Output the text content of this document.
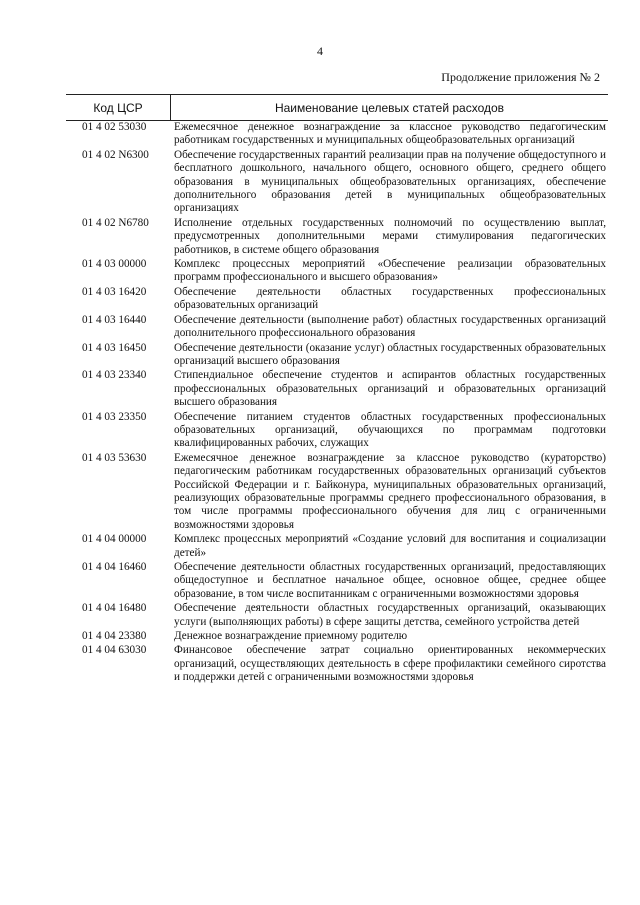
4
Продолжение приложения № 2
Код ЦСР	Наименование целевых статей расходов
01 4 02 53030	Ежемесячное денежное вознаграждение за классное руководство педагогическим работникам государственных и муниципальных общеобразовательных организаций
01 4 02 N6300	Обеспечение государственных гарантий реализации прав на получение общедоступного и бесплатного дошкольного, начального общего, основного общего, среднего общего образования в муниципальных общеобразовательных организациях, обеспечение дополнительного образования детей в муниципальных общеобразовательных организациях
01 4 02 N6780	Исполнение отдельных государственных полномочий по осуществлению выплат, предусмотренных дополнительными мерами стимулирования педагогических работников, в системе общего образования
01 4 03 00000	Комплекс процессных мероприятий «Обеспечение реализации образовательных программ профессионального и высшего образования»
01 4 03 16420	Обеспечение деятельности областных государственных профессиональных образовательных организаций
01 4 03 16440	Обеспечение деятельности (выполнение работ) областных государственных организаций дополнительного профессионального образования
01 4 03 16450	Обеспечение деятельности (оказание услуг) областных государственных образовательных организаций высшего образования
01 4 03 23340	Стипендиальное обеспечение студентов и аспирантов областных государственных профессиональных образовательных организаций и образовательных организаций высшего образования
01 4 03 23350	Обеспечение питанием студентов областных государственных профессиональных образовательных организаций, обучающихся по программам подготовки квалифицированных рабочих, служащих
01 4 03 53630	Ежемесячное денежное вознаграждение за классное руководство (кураторство) педагогическим работникам государственных образовательных организаций субъектов Российской Федерации и г. Байконура, муниципальных образовательных организаций, реализующих образовательные программы среднего профессионального образования, в том числе программы профессионального обучения для лиц с ограниченными возможностями здоровья
01 4 04 00000	Комплекс процессных мероприятий «Создание условий для воспитания и социализации детей»
01 4 04 16460	Обеспечение деятельности областных государственных организаций, предоставляющих общедоступное и бесплатное начальное общее, основное общее, среднее общее образование, в том числе воспитанникам с ограниченными возможностями здоровья
01 4 04 16480	Обеспечение деятельности областных государственных организаций, оказывающих услуги (выполняющих работы) в сфере защиты детства, семейного устройства детей
01 4 04 23380	Денежное вознаграждение приемному родителю
01 4 04 63030	Финансовое обеспечение затрат социально ориентированных некоммерческих организаций, осуществляющих деятельность в сфере профилактики семейного сиротства и поддержки детей с ограниченными возможностями здоровья
